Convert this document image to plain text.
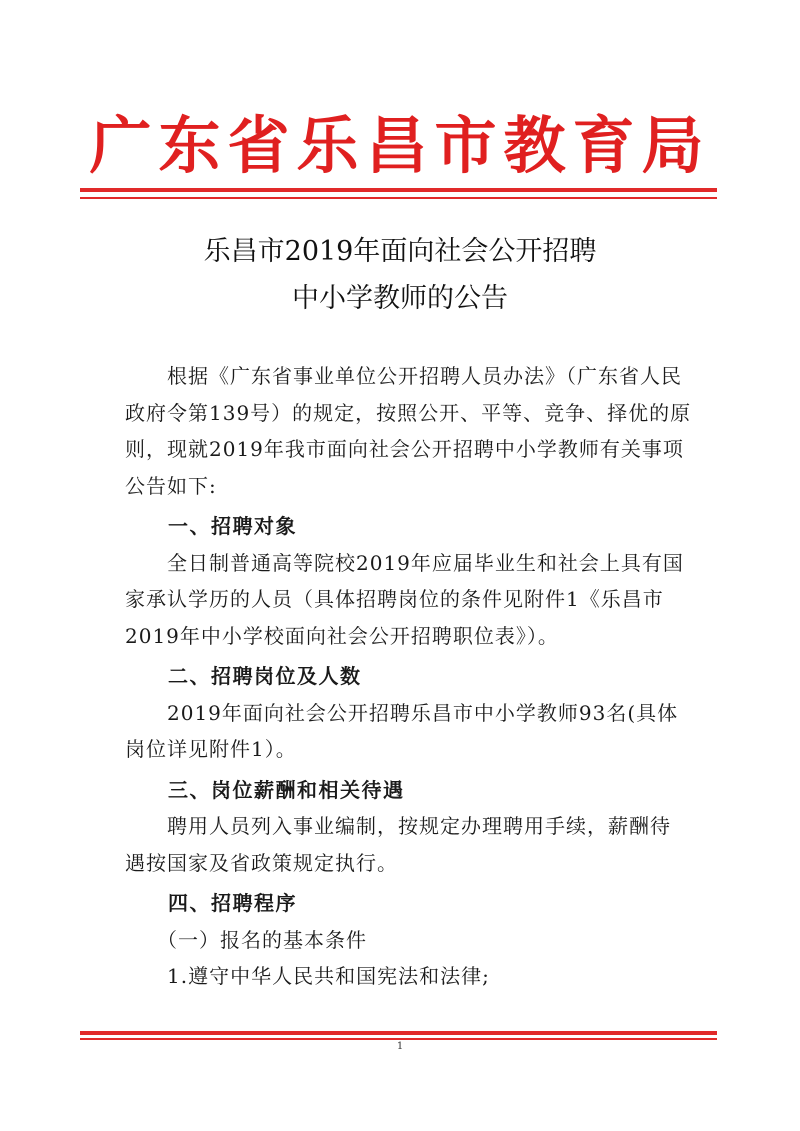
广东省乐昌市教育局
乐昌市2019年面向社会公开招聘
中小学教师的公告

　　根据《广东省事业单位公开招聘人员办法》（广东省人民

政府令第139号）的规定，按照公开、平等、竞争、择优的原

则，现就2019年我市面向社会公开招聘中小学教师有关事项

公告如下:

　　一、招聘对象

　　全日制普通高等院校2019年应届毕业生和社会上具有国

家承认学历的人员（具体招聘岗位的条件见附件1《乐昌市

2019年中小学校面向社会公开招聘职位表》）。

　　二、招聘岗位及人数

　　2019年面向社会公开招聘乐昌市中小学教师93名(具体

岗位详见附件1）。

　　三、岗位薪酬和相关待遇

　　聘用人员列入事业编制，按规定办理聘用手续，薪酬待

遇按国家及省政策规定执行。

　　四、招聘程序

　　（一）报名的基本条件

　　1.遵守中华人民共和国宪法和法律;

1
